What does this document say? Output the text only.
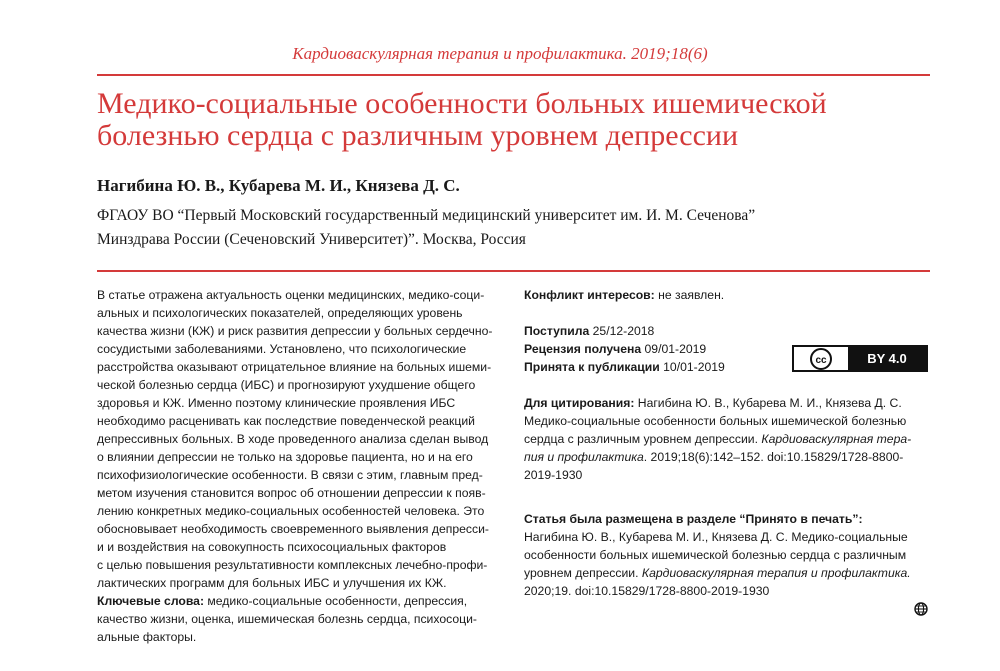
Кардиоваскулярная терапия и профилактика. 2019;18(6)
Медико-социальные особенности больных ишемической
болезнью сердца с различным уровнем депрессии
Нагибина Ю. В., Кубарева М. И., Князева Д. С.
ФГАОУ ВО “Первый Московский государственный медицинский университет им. И. М. Сеченова”
Минздрава России (Сеченовский Университет)”. Москва, Россия
В статье отражена актуальность оценки медицинских, медико-соци-
альных и психологических показателей, определяющих уровень
качества жизни (КЖ) и риск развития депрессии у больных сердечно-
сосудистыми заболеваниями. Установлено, что психологические
расстройства оказывают отрицательное влияние на больных ишеми-
ческой болезнью сердца (ИБС) и прогнозируют ухудшение общего
здоровья и КЖ. Именно поэтому клинические проявления ИБС
необходимо расценивать как последствие поведенческой реакций
депрессивных больных. В ходе проведенного анализа сделан вывод
о влиянии депрессии не только на здоровье пациента, но и на его
психофизиологические особенности. В связи с этим, главным пред-
метом изучения становится вопрос об отношении депрессии к появ-
лению конкретных медико-социальных особенностей человека. Это
обосновывает необходимость своевременного выявления депресси-
и и воздействия на совокупность психосоциальных факторов
с целью повышения результативности комплексных лечебно-профи-
лактических программ для больных ИБС и улучшения их КЖ.
Ключевые слова: медико-социальные особенности, депрессия,
качество жизни, оценка, ишемическая болезнь сердца, психосоци-
альные факторы.
Конфликт интересов: не заявлен.
Поступила 25/12-2018
Рецензия получена 09/01-2019
Принята к публикации 10/01-2019	cc	BY 4.0
Для цитирования: Нагибина Ю. В., Кубарева М. И., Князева Д. С.
Медико-социальные особенности больных ишемической болезнью
сердца с различным уровнем депрессии. Кардиоваскулярная тера-
пия и профилактика. 2019;18(6):142–152. doi:10.15829/1728-8800-
2019-1930
Статья была размещена в разделе “Принято в печать”:
Нагибина Ю. В., Кубарева М. И., Князева Д. С. Медико-социальные
особенности больных ишемической болезнью сердца с различным
уровнем депрессии. Кардиоваскулярная терапия и профилактика.
2020;19. doi:10.15829/1728-8800-2019-1930
